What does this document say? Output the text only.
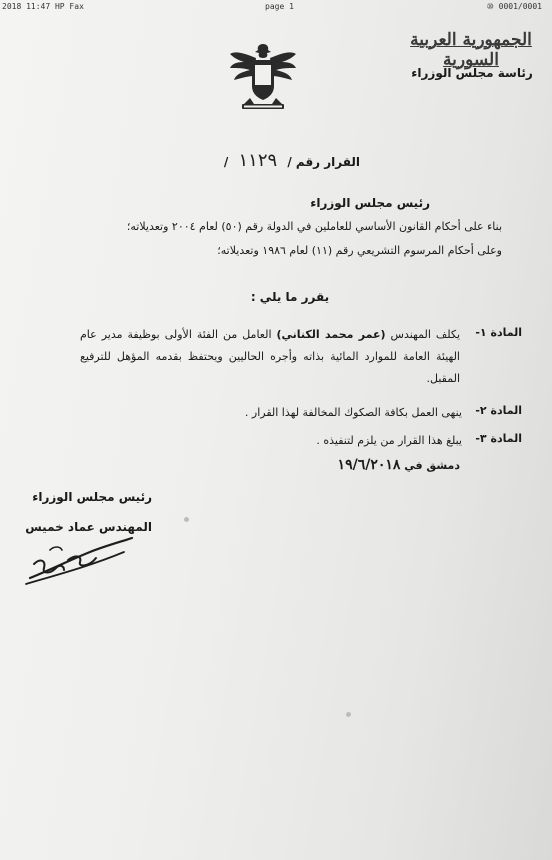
2018 11:47 HP Fax	page 1	⑩ 0001/0001
الجمهورية العربية السورية
رئاسة مجلس الوزراء
القرار رقم / ١١٢٩ /
رئيس مجلس الوزراء
بناء على أحكام القانون الأساسي للعاملين في الدولة رقم (٥٠) لعام ٢٠٠٤ وتعديلاته؛
وعلى أحكام المرسوم التشريعي رقم (١١) لعام ١٩٨٦ وتعديلاته؛
يقرر ما يلي :
المادة ١-
يكلف المهندس (عمر محمد الكناني) العامل من الفئة الأولى بوظيفة مدير عام الهيئة العامة للموارد المائية بذاته وأجره الحاليين ويحتفظ بقدمه المؤهل للترفيع المقبل.
المادة ٢-
ينهى العمل بكافة الصكوك المخالفة لهذا القرار .
المادة ٣-
يبلغ هذا القرار من يلزم لتنفيذه .
دمشق في ١٩/٦/٢٠١٨
رئيس مجلس الوزراء
المهندس عماد خميس
